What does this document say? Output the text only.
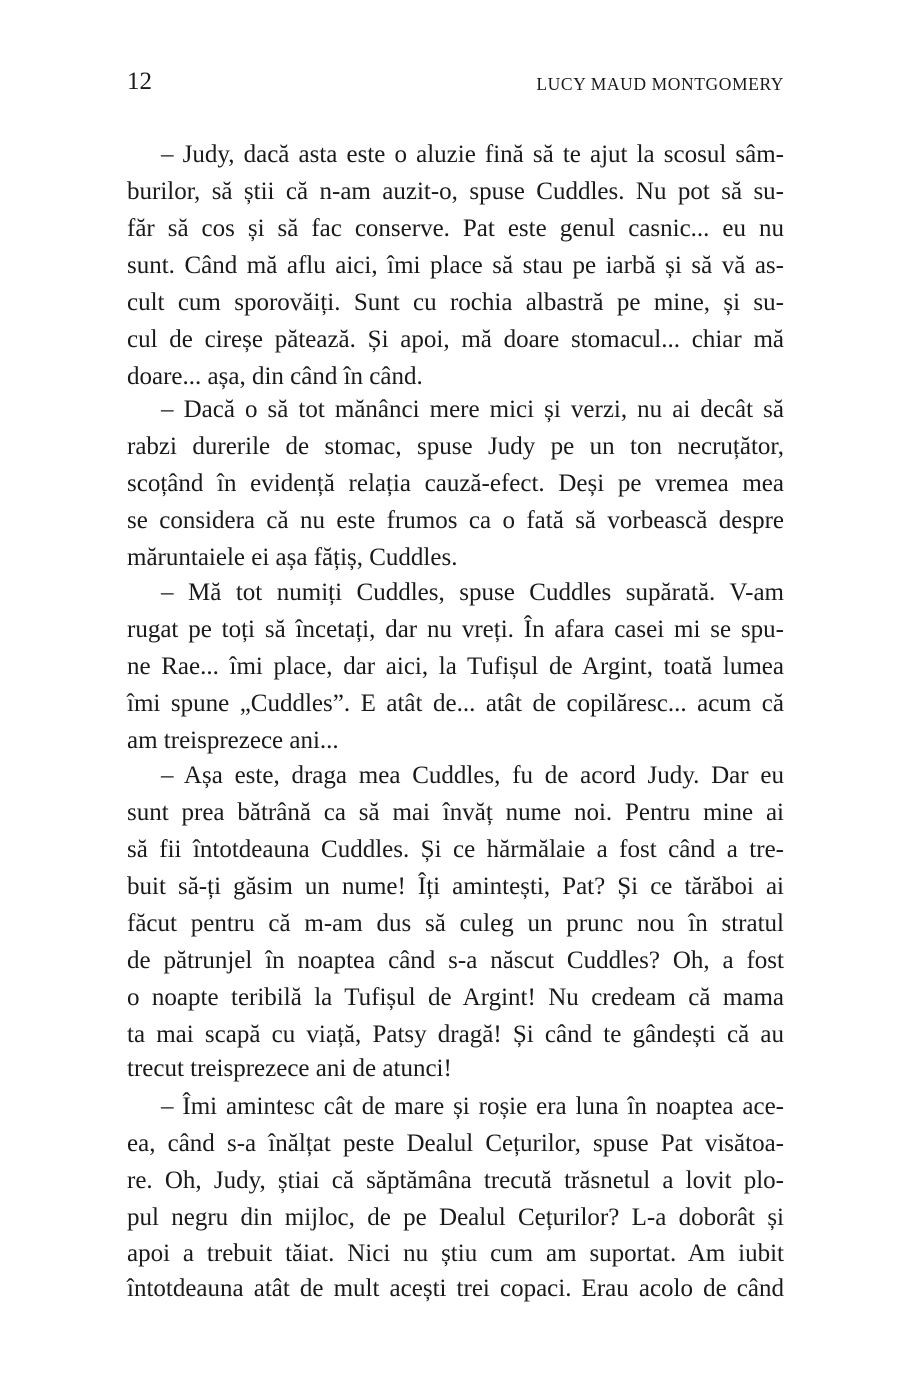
12	LUCY MAUD MONTGOMERY
– Judy, dacă asta este o aluzie fină să te ajut la scosul sâm-
burilor, să știi că n-am auzit-o, spuse Cuddles. Nu pot să su-
făr să cos și să fac conserve. Pat este genul casnic... eu nu
sunt. Când mă aflu aici, îmi place să stau pe iarbă și să vă as-
cult cum sporovăiți. Sunt cu rochia albastră pe mine, și su-
cul de cireșe pătează. Și apoi, mă doare stomacul... chiar mă
doare... așa, din când în când.
– Dacă o să tot mănânci mere mici și verzi, nu ai decât să
rabzi durerile de stomac, spuse Judy pe un ton necruțător,
scoțând în evidență relația cauză-efect. Deși pe vremea mea
se considera că nu este frumos ca o fată să vorbească despre
măruntaiele ei așa fățiș, Cuddles.
– Mă tot numiți Cuddles, spuse Cuddles supărată. V-am
rugat pe toți să încetați, dar nu vreți. În afara casei mi se spu-
ne Rae... îmi place, dar aici, la Tufișul de Argint, toată lumea
îmi spune „Cuddles”. E atât de... atât de copilăresc... acum că
am treisprezece ani...
– Așa este, draga mea Cuddles, fu de acord Judy. Dar eu
sunt prea bătrână ca să mai învăț nume noi. Pentru mine ai
să fii întotdeauna Cuddles. Și ce hărmălaie a fost când a tre-
buit să-ți găsim un nume! Îți amintești, Pat? Și ce tărăboi ai
făcut pentru că m-am dus să culeg un prunc nou în stratul
de pătrunjel în noaptea când s-a născut Cuddles? Oh, a fost
o noapte teribilă la Tufișul de Argint! Nu credeam că mama
ta mai scapă cu viață, Patsy dragă! Și când te gândești că au
trecut treisprezece ani de atunci!
– Îmi amintesc cât de mare și roșie era luna în noaptea ace-
ea, când s-a înălțat peste Dealul Cețurilor, spuse Pat visătoa-
re. Oh, Judy, știai că săptămâna trecută trăsnetul a lovit plo-
pul negru din mijloc, de pe Dealul Cețurilor? L-a doborât și
apoi a trebuit tăiat. Nici nu știu cum am suportat. Am iubit
întotdeauna atât de mult acești trei copaci. Erau acolo de când
